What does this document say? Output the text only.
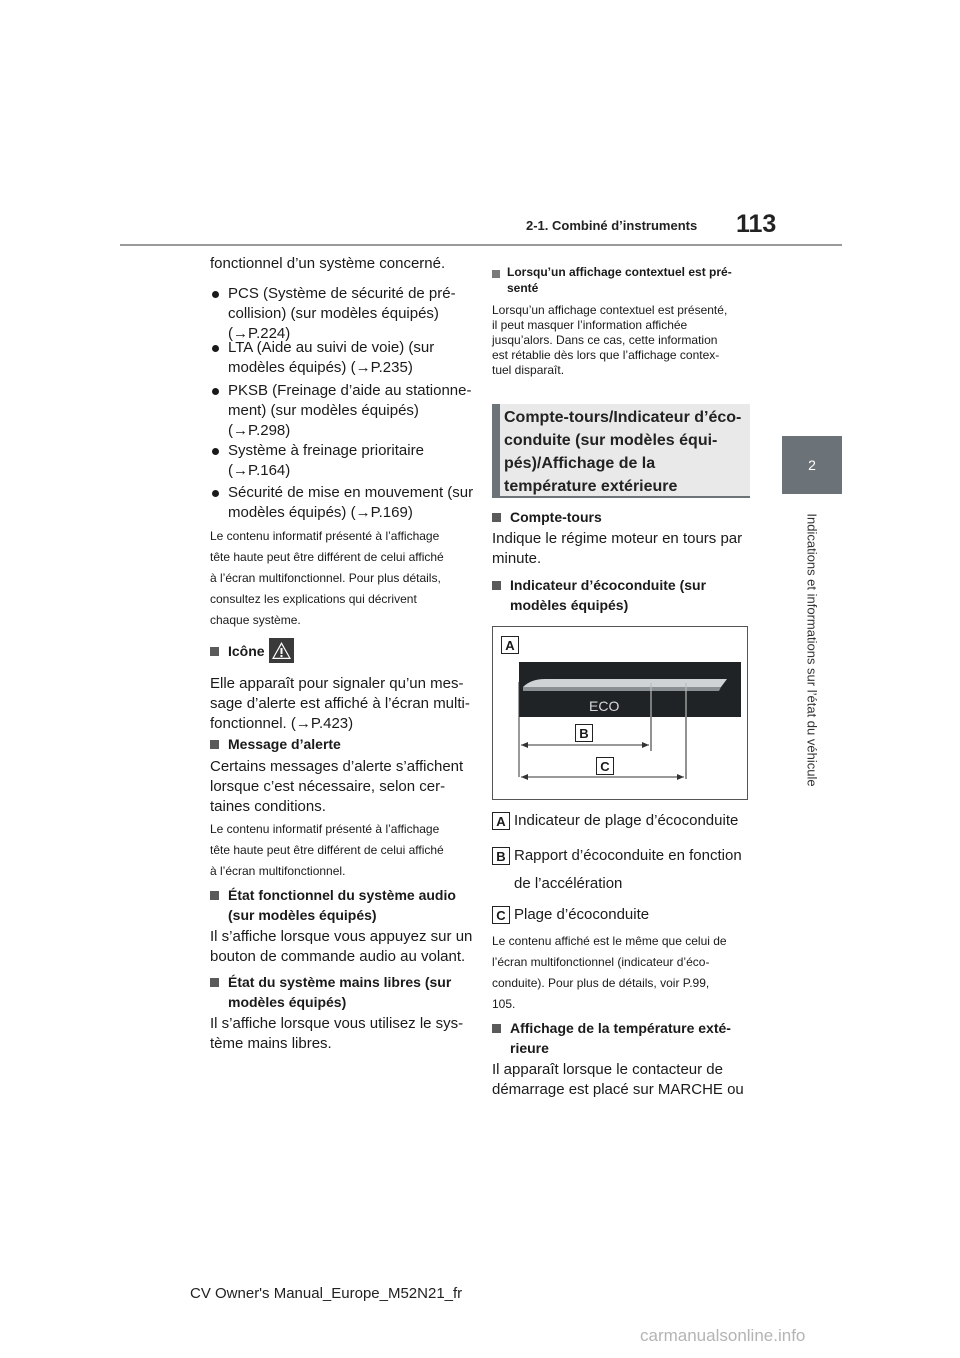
2-1. Combiné d’instruments 113
2
Indications et informations sur l’état du véhicule
fonctionnel d’un système concerné.
PCS (Système de sécurité de pré-
collision) (sur modèles équipés)
(→P.224)
LTA (Aide au suivi de voie) (sur
modèles équipés) (→P.235)
PKSB (Freinage d’aide au stationne-
ment) (sur modèles équipés)
(→P.298)
Système à freinage prioritaire
(→P.164)
Sécurité de mise en mouvement (sur
modèles équipés) (→P.169)
Le contenu informatif présenté à l’affichage
tête haute peut être différent de celui affiché
à l’écran multifonctionnel. Pour plus détails,
consultez les explications qui décrivent
chaque système.
Icône
Elle apparaît pour signaler qu’un mes-
sage d’alerte est affiché à l’écran multi-
fonctionnel. (→P.423)
Message d’alerte
Certains messages d’alerte s’affichent
lorsque c’est nécessaire, selon cer-
taines conditions.
Le contenu informatif présenté à l’affichage
tête haute peut être différent de celui affiché
à l’écran multifonctionnel.
État fonctionnel du système audio
(sur modèles équipés)
Il s’affiche lorsque vous appuyez sur un
bouton de commande audio au volant.
État du système mains libres (sur
modèles équipés)
Il s’affiche lorsque vous utilisez le sys-
tème mains libres.
Lorsqu’un affichage contextuel est pré-
senté
Lorsqu’un affichage contextuel est présenté,
il peut masquer l’information affichée
jusqu’alors. Dans ce cas, cette information
est rétablie dès lors que l’affichage contex-
tuel disparaît.
Compte-tours/Indicateur d’éco-
conduite (sur modèles équi-
pés)/Affichage de la
température extérieure
Compte-tours
Indique le régime moteur en tours par
minute.
Indicateur d’écoconduite (sur
modèles équipés)
A
ECO
B
C
A Indicateur de plage d’écoconduite
B Rapport d’écoconduite en fonction
de l’accélération
C Plage d’écoconduite
Le contenu affiché est le même que celui de
l’écran multifonctionnel (indicateur d’éco-
conduite). Pour plus de détails, voir P.99,
105.
Affichage de la température exté-
rieure
Il apparaît lorsque le contacteur de
démarrage est placé sur MARCHE ou
CV Owner's Manual_Europe_M52N21_fr
carmanualsonline.info
